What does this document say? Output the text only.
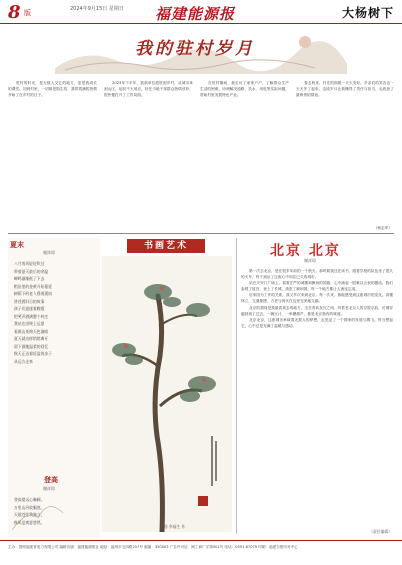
8 版	2024年9月15日 星期日 福建能源报	大杨树下
我的驻村岁月

驻村的时光，是无数人交汇的地方，更是我成长的课堂。初到村里，一切都是陌生的，我带着满腔热情开始了在乡村的日子。

2023年下半年，我被单位派驻到乡村，从城市来到山区，起初不太适应，好在当地干部群众热情淳朴，很快便打开了工作局面。

在驻村期间，我走访了家家户户，了解群众生产生活的困难，协调解决道路、饮水、用电等实际问题，帮助村里发展特色产业。

春去秋来，村庄的面貌一天天变好，乡亲们的笑容也一天天多了起来。这段岁月让我懂得了责任与担当，也收获了最珍贵的情谊。

（杨志军）
夏末
谢祥琼
八月的风轻轻吹过
带着夏天最后的余温
蝉鸣渐渐低了下去
稻田里的金黄开始蔓延
树荫下的老人摇着蒲扇
讲述着旧日的故事
孩子们追逐着晚霞
把笑声洒满整个村庄
我站在田埂上远望
看群山连绵天色渐暗
夏天就这样悄悄离开
留下满地温柔的回忆
秋天正迈着轻盈的步子
从远方走来
登高
谢祥琼
登高望远心胸阔，
万里山河收眼底。
天地苍茫我独立，
秋风送爽意悠然。
书画艺术
国画 李福生 作
北京 北京
谢祥琼

第一次去北京，是在很多年前的一个秋天。那时候我还在读书，跟着学校的队伍坐了很久的火车，终于到达了这座心中向往已久的城市。

站在天安门广场上，看着庄严的城楼和飘扬的国旗，心中涌起一股难以言表的激动。我们参观了故宫，登上了长城，游览了颐和园，每一个地方都让人流连忘返。

后来因为工作的关系，我又多次来到北京。每一次来，都能感受到这座城市的变化。高楼林立，交通便捷，古老与现代在这里完美地交融。

北京的胡同是我最喜欢去的地方。走在青砖灰瓦之间，听着老北京人的京腔京韵，仿佛穿越回到了过去。一碗豆汁、一串糖葫芦，都是北京独有的味道。

北京北京，这座城市承载着无数人的梦想，也见证了一个国家的发展与腾飞。每当想起它，心中总是充满了温暖与感动。

（责任编辑）
主办：国网福建省电力有限公司 编辑出版：福建能源报社 地址：福州市五四路257号 邮编：350003 广告许可证：闽工商广字第001号 电话：0591-87079 印刷：福建日报印务中心
